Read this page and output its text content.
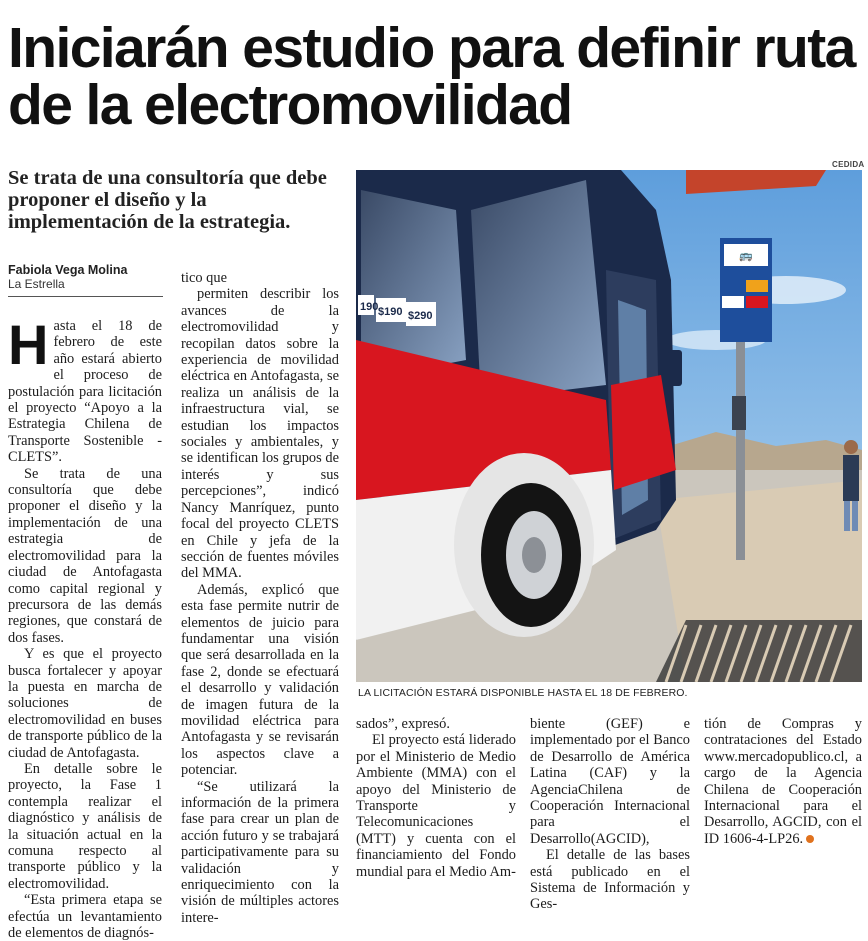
Iniciarán estudio para definir ruta de la electromovilidad
Se trata de una consultoría que debe proponer el diseño y la implementación de la estrategia.
Fabiola Vega Molina
La Estrella
H asta el 18 de febrero de este año estará abierto el proceso de postulación para licitación el proyecto “Apoyo a la Estrategia Chilena de Transporte Sostenible - CLETS”.

Se trata de una consultoría que debe proponer el diseño y la implementación de una estrategia de electromovilidad para la ciudad de Antofagasta como capital regional y precursora de las demás regiones, que constará de dos fases.

Y es que el proyecto busca fortalecer y apoyar la puesta en marcha de soluciones de electromovilidad en buses de transporte público de la ciudad de Antofagasta.

En detalle sobre le proyecto, la Fase 1 contempla realizar el diagnóstico y análisis de la situación actual en la comuna respecto al transporte público y la electromovilidad.

“Esta primera etapa se efectúa un levantamiento de elementos de diagnós-

tico que

permiten describir los avances de la electromovilidad y recopilan datos sobre la experiencia de movilidad eléctrica en Antofagasta, se realiza un análisis de la infraestructura vial, se estudian los impactos sociales y ambientales, y se identifican los grupos de interés y sus percepciones”, indicó Nancy Manríquez, punto focal del proyecto CLETS en Chile y jefa de la sección de fuentes móviles del MMA.

Además, explicó que esta fase permite nutrir de elementos de juicio para fundamentar una visión que será desarrollada en la fase 2, donde se efectuará el desarrollo y validación de imagen futura de la movilidad eléctrica para Antofagasta y se revisarán los aspectos clave a potenciar.

“Se utilizará la información de la primera fase para crear un plan de acción futuro y se trabajará participativamente para su validación y enriquecimiento con la visión de múltiples actores intere-

sados”, expresó.

El proyecto está liderado por el Ministerio de Medio Ambiente (MMA) con el apoyo del Ministerio de Transporte y Telecomunicaciones (MTT) y cuenta con el financiamiento del Fondo mundial para el Medio Am-

biente (GEF) e implementado por el Banco de Desarrollo de América Latina (CAF) y la AgenciaChilena de Cooperación Internacional para el Desarrollo(AGCID),

El detalle de las bases está publicado en el Sistema de Información y Ges-

tión de Compras y contrataciones del Estado www.mercadopublico.cl, a cargo de la Agencia Chilena de Cooperación Internacional para el Desarrollo, AGCID, con el ID 1606-4-LP26.

CEDIDA
🚌
190 $190 $290
LA LICITACIÓN ESTARÁ DISPONIBLE HASTA EL 18 DE FEBRERO.
